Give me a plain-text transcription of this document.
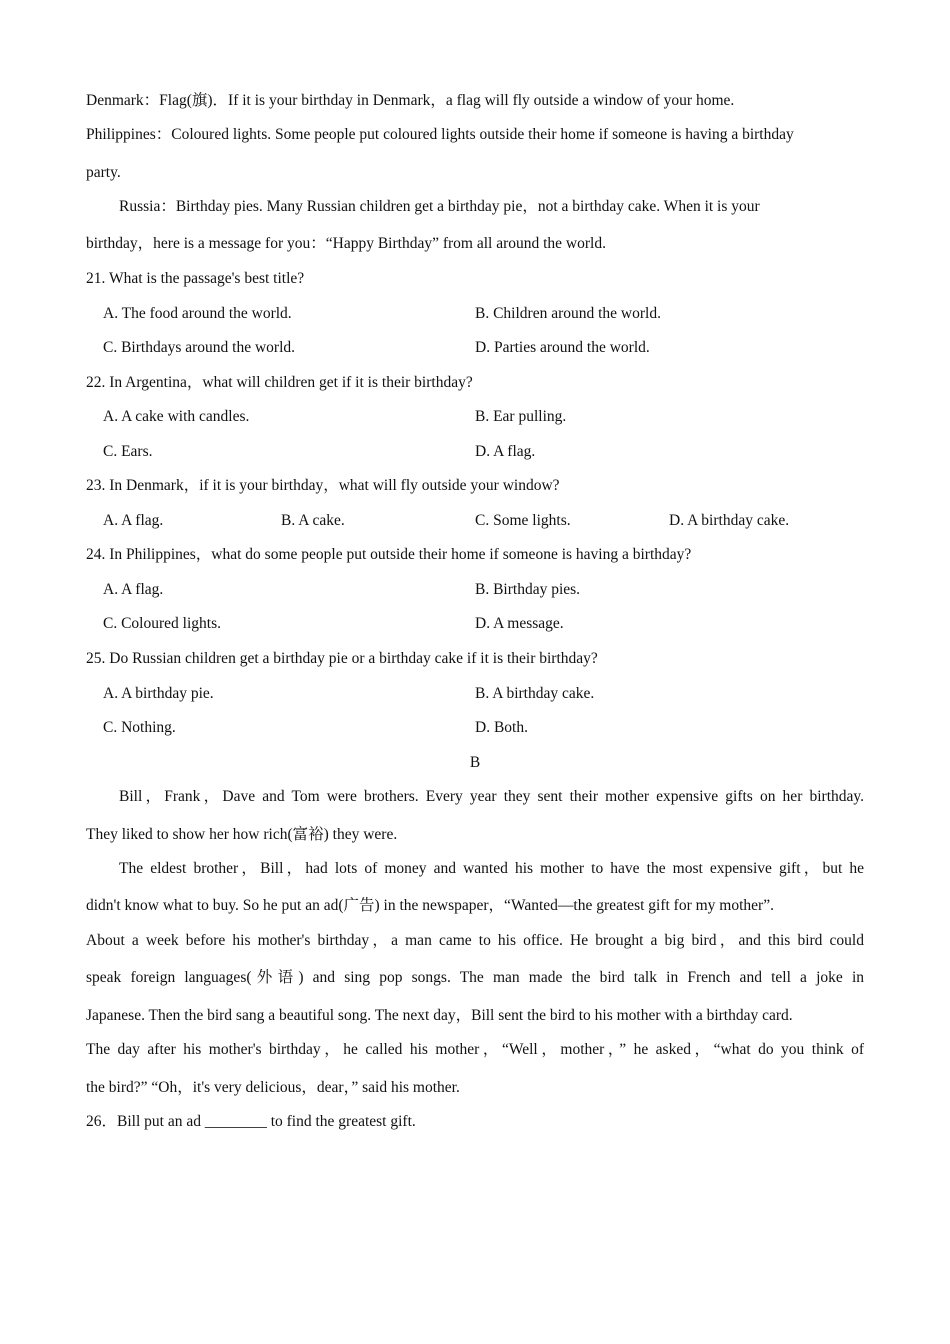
Denmark：Flag(旗)．If it is your birthday in Denmark，a flag will fly outside a window of your home.
Philippines：Coloured lights. Some people put coloured lights outside their home if someone is having a birthday
party.
Russia：Birthday pies. Many Russian children get a birthday pie，not a birthday cake. When it is your
birthday，here is a message for you：“Happy Birthday” from all around the world.
21. What is the passage's best title?
A. The food around the world.	B. Children around the world.
C. Birthdays around the world.	D. Parties around the world.
22. In Argentina，what will children get if it is their birthday?
A. A cake with candles.	B. Ear pulling.
C. Ears.	D. A flag.
23. In Denmark，if it is your birthday，what will fly outside your window?
A. A flag.	B. A cake.	C. Some lights.	D. A birthday cake.
24. In Philippines，what do some people put outside their home if someone is having a birthday?
A. A flag.	B. Birthday pies.
C. Coloured lights.	D. A message.
25. Do Russian children get a birthday pie or a birthday cake if it is their birthday?
A. A birthday pie.	B. A birthday cake.
C. Nothing.	D. Both.
B
Bill，Frank，Dave and Tom were brothers. Every year they sent their mother expensive gifts on her birthday.
They liked to show her how rich(富裕) they were.
The eldest brother，Bill，had lots of money and wanted his mother to have the most expensive gift，but he
didn't know what to buy. So he put an ad(广告) in the newspaper，“Wanted—the greatest gift for my mother”.
About a week before his mother's birthday，a man came to his office. He brought a big bird，and this bird could
speak foreign languages(外语) and sing pop songs. The man made the bird talk in French and tell a joke in
Japanese. Then the bird sang a beautiful song. The next day，Bill sent the bird to his mother with a birthday card.
The day after his mother's birthday，he called his mother，“Well，mother，” he asked，“what do you think of
the bird?” “Oh，it's very delicious，dear，” said his mother.
26．Bill put an ad ________ to find the greatest gift.
